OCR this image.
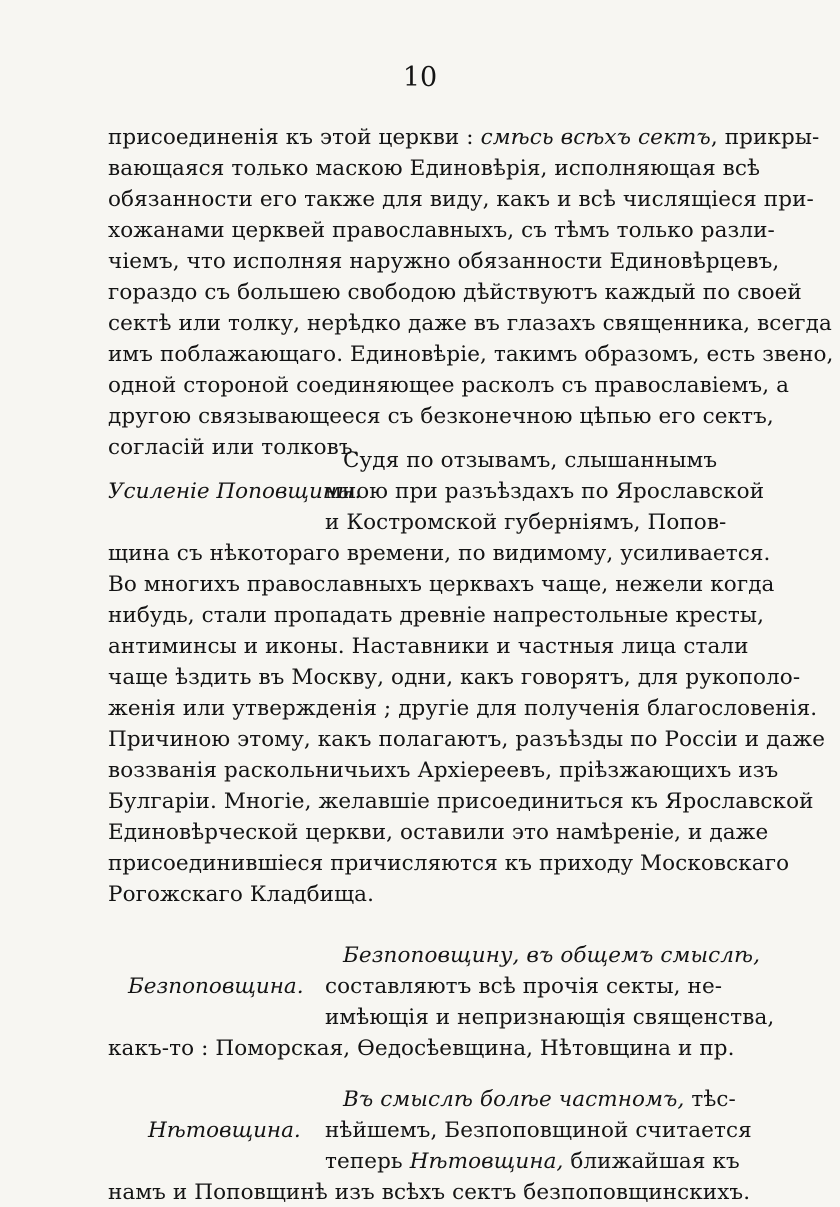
10
присоединенія къ этой церкви : смѣсь всѣхъ сектъ, прикры-
вающаяся только маскою Единовѣрія, исполняющая всѣ
обязанности его также для виду, какъ и всѣ числящіеся при-
хожанами церквей православныхъ, съ тѣмъ только разли-
чіемъ, что исполняя наружно обязанности Единовѣрцевъ,
гораздо съ большею свободою дѣйствуютъ каждый по своей
сектѣ или толку, нерѣдко даже въ глазахъ священника, всегда
имъ поблажающаго. Единовѣріе, такимъ образомъ, есть звено,
одной стороной соединяющее расколъ съ православіемъ, а
другою связывающееся съ безконечною цѣпью его сектъ,
согласій или толковъ.
Усиленіе Поповщины.
Судя по отзывамъ, слышаннымъ
мною при разъѣздахъ по Ярославской
и Костромской губерніямъ, Попов-
щина съ нѣкотораго времени, по видимому, усиливается.
Во многихъ православныхъ церквахъ чаще, нежели когда
нибудь, стали пропадать древніе напрестольные кресты,
антиминсы и иконы. Наставники и частныя лица стали
чаще ѣздить въ Москву, одни, какъ говорятъ, для рукополо-
женія или утвержденія ; другіе для полученія благословенія.
Причиною этому, какъ полагаютъ, разъѣзды по Россіи и даже
воззванія раскольничьихъ Архіереевъ, пріѣзжающихъ изъ
Булгаріи. Многіе, желавшіе присоединиться къ Ярославской
Единовѣрческой церкви, оставили это намѣреніе, и даже
присоединившіеся причисляются къ приходу Московскаго
Рогожскаго Кладбища.
Безпоповщина.
Безпоповщину, въ общемъ смыслѣ,
составляютъ всѣ прочія секты, не-
имѣющія и непризнающія священства,
какъ-то : Поморская, Ѳедосѣевщина, Нѣтовщина и пр.
Нѣтовщина.
Въ смыслѣ болѣе частномъ, тѣс-
нѣйшемъ, Безпоповщиной считается
теперь Нѣтовщина, ближайшая къ
намъ и Поповщинѣ изъ всѣхъ сектъ безпоповщинскихъ.
